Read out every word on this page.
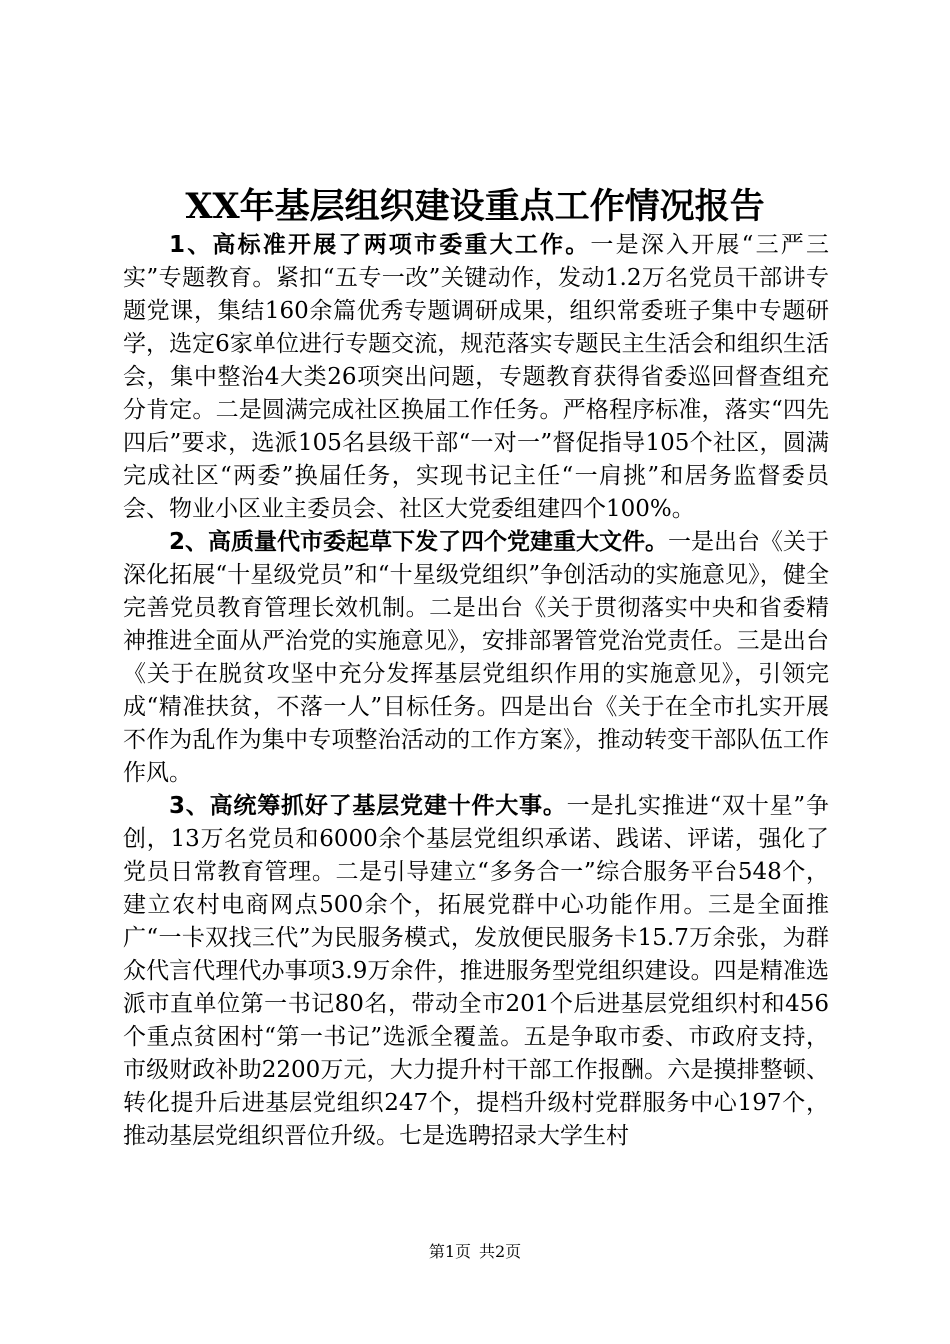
XX年基层组织建设重点工作情况报告

1、高标准开展了两项市委重大工作。一是深入开展“三严三实”专题教育。紧扣“五专一改”关键动作，发动1.2万名党员干部讲专题党课，集结160余篇优秀专题调研成果，组织常委班子集中专题研学，选定6家单位进行专题交流，规范落实专题民主生活会和组织生活会，集中整治4大类26项突出问题，专题教育获得省委巡回督查组充分肯定。二是圆满完成社区换届工作任务。严格程序标准，落实“四先四后”要求，选派105名县级干部“一对一”督促指导105个社区，圆满完成社区“两委”换届任务，实现书记主任“一肩挑”和居务监督委员会、物业小区业主委员会、社区大党委组建四个100%。

2、高质量代市委起草下发了四个党建重大文件。一是出台《关于深化拓展“十星级党员”和“十星级党组织”争创活动的实施意见》，健全完善党员教育管理长效机制。二是出台《关于贯彻落实中央和省委精神推进全面从严治党的实施意见》，安排部署管党治党责任。三是出台《关于在脱贫攻坚中充分发挥基层党组织作用的实施意见》，引领完成“精准扶贫，不落一人”目标任务。四是出台《关于在全市扎实开展不作为乱作为集中专项整治活动的工作方案》，推动转变干部队伍工作作风。

3、高统筹抓好了基层党建十件大事。一是扎实推进“双十星”争创，13万名党员和6000余个基层党组织承诺、践诺、评诺，强化了党员日常教育管理。二是引导建立“多务合一”综合服务平台548个，建立农村电商网点500余个，拓展党群中心功能作用。三是全面推广“一卡双找三代”为民服务模式，发放便民服务卡15.7万余张，为群众代言代理代办事项3.9万余件，推进服务型党组织建设。四是精准选派市直单位第一书记80名，带动全市201个后进基层党组织村和456个重点贫困村“第一书记”选派全覆盖。五是争取市委、市政府支持，市级财政补助2200万元，大力提升村干部工作报酬。六是摸排整顿、转化提升后进基层党组织247个，提档升级村党群服务中心197个，推动基层党组织晋位升级。七是选聘招录大学生村

第1页 共2页
